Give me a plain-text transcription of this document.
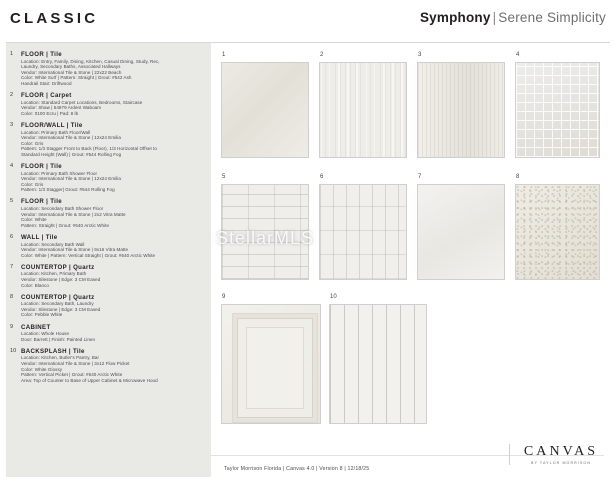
CLASSIC	Symphony | Serene Simplicity
1 FLOOR | Tile
Location: Entry, Family, Dining, Kitchen, Casual Dining, Study, Rec,
Laundry, Secondary Baths, Associated Hallways
Vendor: International Tile & Stone | 22x22 Beach
Color: White Surf | Pattern: Straight | Grout: #542 Ash
Handrail Stair: Driftwood
2 FLOOR | Carpet
Location: Standard Carpet Locations, Bedrooms, Staircase
Vendor: Shaw | 54979 Ardent Waboam
Color: 0100 Ecru | Pad: 8 lb
3 FLOOR/WALL | Tile
Location: Primary Bath Floor/Wall
Vendor: International Tile & Stone | 12x24 Emilia
Color: Gris
Pattern: 1/3 Stagger Front to Back (Floor), 1/3 Horizontal Offset to
Standard Height (Wall) | Grout: #544 Rolling Fog
4 FLOOR | Tile
Location: Primary Bath Shower Floor
Vendor: International Tile & Stone | 12x24 Emilia
Color: Gris
Pattern: 1/3 Stagger| Grout: #544 Rolling Fog
5 FLOOR | Tile
Location: Secondary Bath Shower Floor
Vendor: International Tile & Stone | 2x2 Vitra Matte
Color: White
Pattern: Straight | Grout: #640 Arctic White
6 WALL | Tile
Location: Secondary Bath Wall
Vendor: International Tile & Stone | 9x16 Vitra Matte
Color: White | Pattern: Vertical Straight | Grout: #640 Arctic White
7 COUNTERTOP | Quartz
Location: Kitchen, Primary Bath
Vendor: Silestone | Edge: 3 CM Eased
Color: Blanco
8 COUNTERTOP | Quartz
Location: Secondary Bath, Laundry
Vendor: Silestone | Edge: 3 CM Eased
Color: Pebble White
9 CABINET
Location: Whole House
Door: Barrett | Finish: Painted Linen
10 BACKSPLASH | Tile
Location: Kitchen, Butler's Pantry, Bar
Vendor: International Tile & Stone | 3x12 Flow Picket
Color: White Glossy
Pattern: Vertical Picket | Grout: #640 Arctic White
Area: Top of Counter to Base of Upper Cabinet & Microwave Hood
1	2	3	4
5	6	7	8
9	10
StellarMLS
Taylor Morrison Florida | Canvas 4.0 | Version 8 | 12/18/25
CANVAS
BY TAYLOR MORRISON
